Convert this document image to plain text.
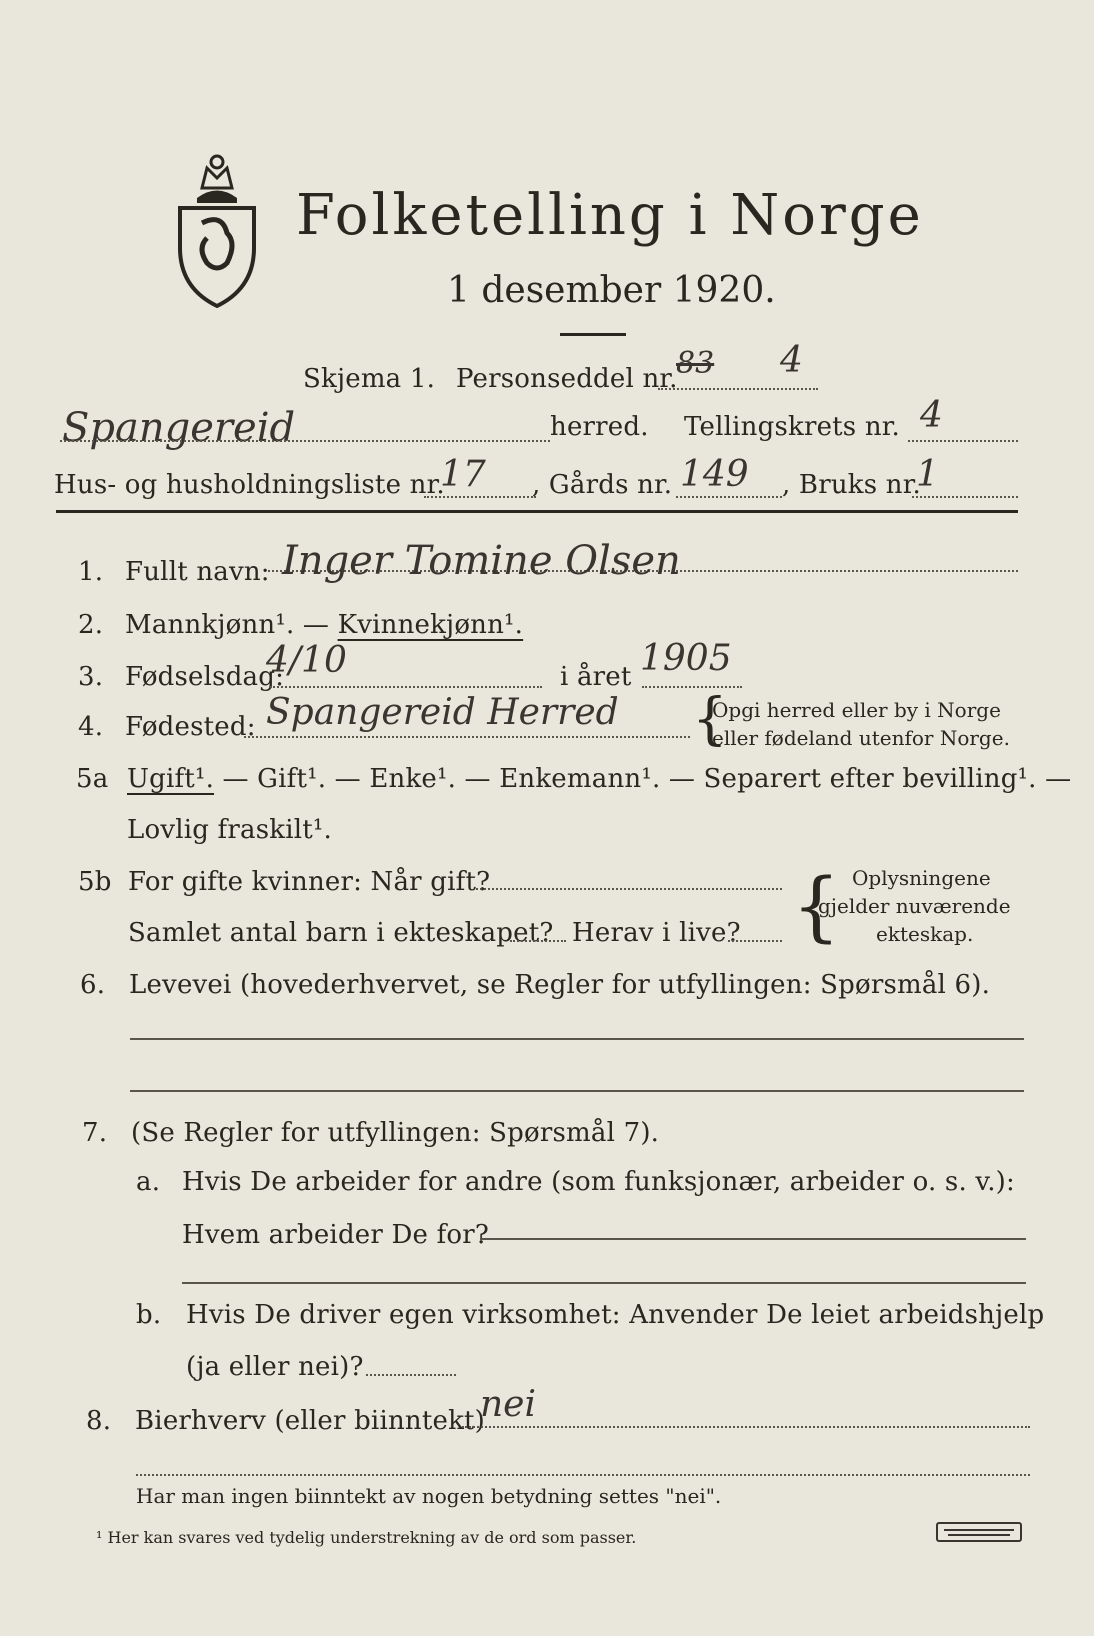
Folketelling i Norge
1 desember 1920.
Skjema 1. Personseddel nr.
83 4
Spangereid	herred. Tellingskrets nr. 4
Hus- og husholdningsliste nr.
17 , Gårds nr. 149 , Bruks nr.
1
1. Fullt navn: Inger Tomine Olsen
2. Mannkjønn¹. — Kvinnekjønn¹.
3. Fødselsdag:
4/10	i året 1905
4. Fødested: Spangereid Herred {
Opgi herred eller by i Norge
eller fødeland utenfor Norge.
5a Ugift¹. — Gift¹. — Enke¹. — Enkemann¹. — Separert efter bevilling¹. —
Lovlig fraskilt¹.
5b For gifte kvinner: Når gift?
Samlet antal barn i ekteskapet? Herav i live? { Oplysningene
gjelder nuværende
ekteskap.
6. Levevei (hovederhvervet, se Regler for utfyllingen: Spørsmål 6).
7. (Se Regler for utfyllingen: Spørsmål 7).
a. Hvis De arbeider for andre (som funksjonær, arbeider o. s. v.):
Hvem arbeider De for?
b. Hvis De driver egen virksomhet: Anvender De leiet arbeidshjelp
(ja eller nei)?
8. Bierhverv (eller biinntekt)
nei
Har man ingen biinntekt av nogen betydning settes "nei".
¹ Her kan svares ved tydelig understrekning av de ord som passer.
